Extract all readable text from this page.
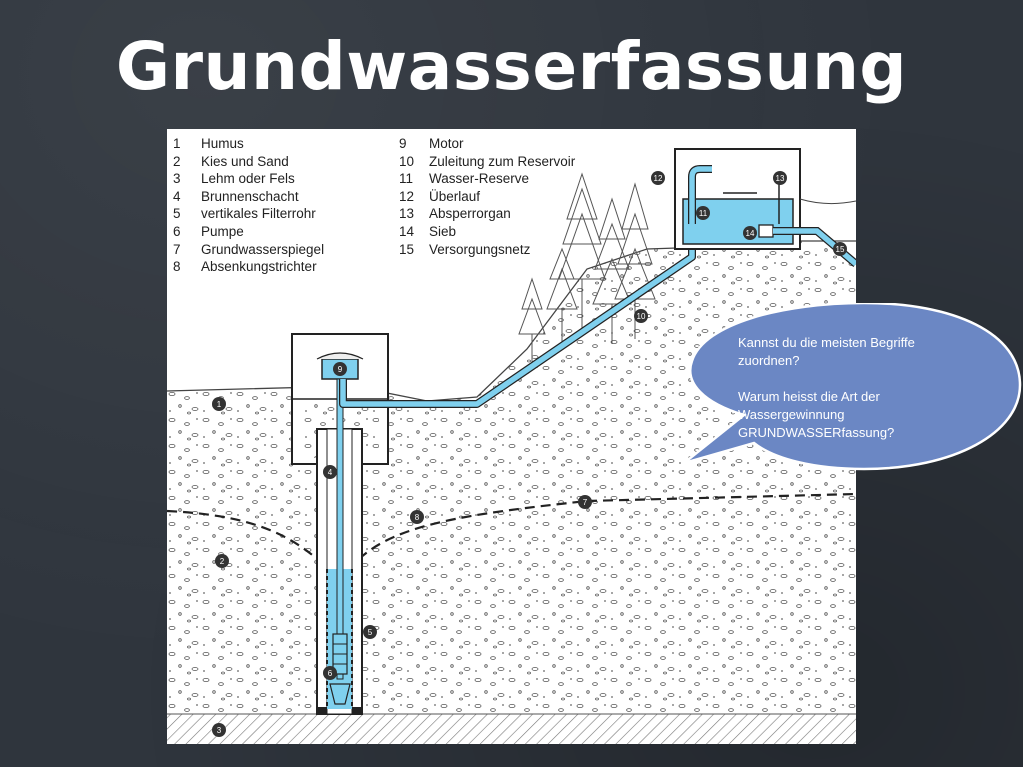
Grundwasserfassung
1
2
3
4
5
6
7
8
9
10
11
12	13
14
15
1	Humus
2	Kies und Sand
3	Lehm oder Fels
4	Brunnenschacht
5	vertikales Filterrohr
6	Pumpe
7	Grundwasserspiegel
8	Absenkungstrichter
9	Motor
10	Zuleitung zum Reservoir
11	Wasser-Reserve
12	Überlauf
13	Absperrorgan
14	Sieb
15	Versorgungsnetz

Kannst du die meisten Begriffe zuordnen?

Warum heisst die Art der Wassergewinnung GRUNDWASSERfassung?
